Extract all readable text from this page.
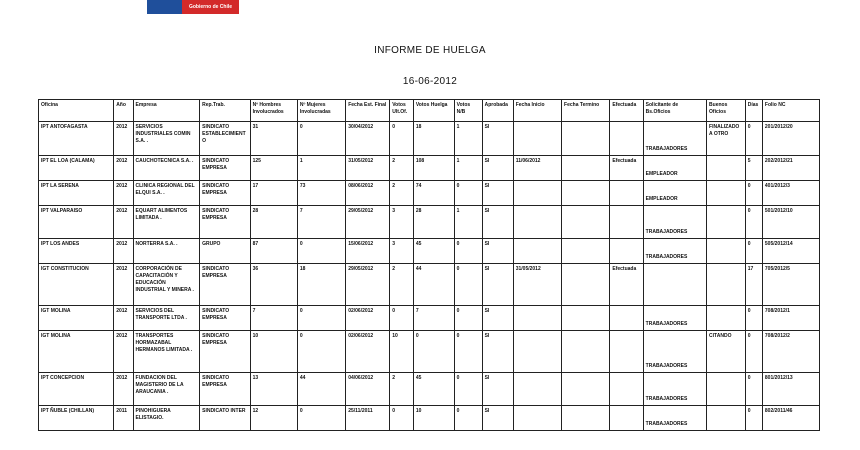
Gobierno de Chile
INFORME DE HUELGA
16-06-2012
Oficina	Año	Empresa	Rep.Trab.	Nº Hombres Involucrados	Nº Mujeres Involucradas	Fecha Est. Final	Votos Ult.Of.	Votos Huelga	Votos N/B	Aprobada	Fecha Inicio	Fecha Termino	Efectuada	Solicitante de Bs.Oficios	Buenos Oficios	Días	Folio NC
IPT ANTOFAGASTA	2012	SERVICIOS INDUSTRIALES COMIN S.A. .	SINDICATO ESTABLECIMIENTO	31	0	30/04/2012	0	18	1	SI				TRABAJADORES	FINALIZADO A OTRO	0	201/2012/20
IPT EL LOA (CALAMA)	2012	CAUCHOTECNICA S.A. .	SINDICATO EMPRESA	125	1	31/05/2012	2	108	1	SI	11/06/2012		Efectuada	EMPLEADOR		5	202/2012/21
IPT LA SERENA	2012	CLINICA REGIONAL DEL ELQUI S.A. .	SINDICATO EMPRESA	17	73	08/06/2012	2	74	0	SI				EMPLEADOR		0	401/2012/3
IPT VALPARAISO	2012	EQUART ALIMENTOS LIMITADA .	SINDICATO EMPRESA	28	7	29/05/2012	3	28	1	SI				TRABAJADORES		0	501/2012/10
IPT LOS ANDES	2012	NORTERRA S.A. .	GRUPO	87	0	15/06/2012	3	45	0	SI				TRABAJADORES		0	505/2012/14
IGT CONSTITUCION	2012	CORPORACIÓN DE CAPACITACIÓN Y EDUCACIÓN INDUSTRIAL Y MINERA .	SINDICATO EMPRESA	36	18	29/05/2012	2	44	0	SI	31/05/2012		Efectuada			17	705/2012/5
IGT MOLINA	2012	SERVICIOS DEL TRANSPORTE LTDA .	SINDICATO EMPRESA	7	0	02/06/2012	0	7	0	SI				TRABAJADORES		0	708/2012/1
IGT MOLINA	2012	TRANSPORTES HORMAZABAL HERMANOS LIMITADA .	SINDICATO EMPRESA	10	0	02/06/2012	10	0	0	SI				TRABAJADORES	CITANDO	0	708/2012/2
IPT CONCEPCION	2012	FUNDACION DEL MAGISTERIO DE LA ARAUCANIA .	SINDICATO EMPRESA	13	44	04/06/2012	2	45	0	SI				TRABAJADORES		0	801/2012/13
IPT ÑUBLE (CHILLAN)	2011	PINOHIGUERA ELISTAGIO.	SINDICATO INTER	12	0	25/11/2011	0	10	0	SI				TRABAJADORES		0	802/2011/46
